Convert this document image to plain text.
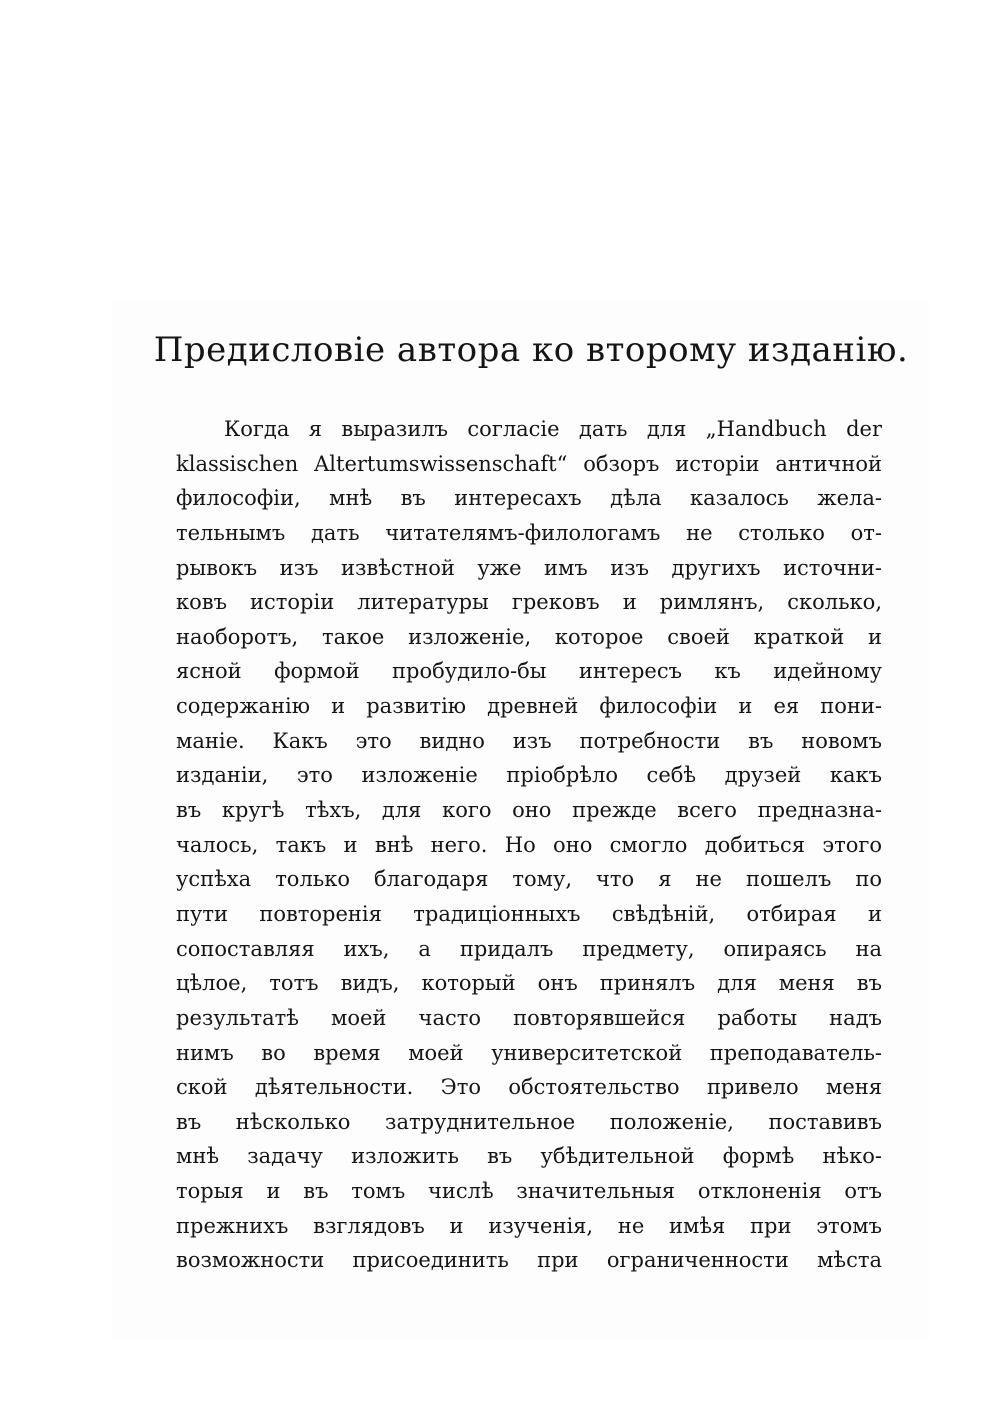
Предисловіе автора ко второму изданію.
Когда я выразилъ согласіе дать для „Handbuch der
klassischen Altertumswissenschaft“ обзоръ исторіи античной
философіи, мнѣ въ интересахъ дѣла казалось жела-
тельнымъ дать читателямъ-филологамъ не столько от-
рывокъ изъ извѣстной уже имъ изъ другихъ источни-
ковъ исторіи литературы грековъ и римлянъ, сколько,
наоборотъ, такое изложеніе, которое своей краткой и
ясной формой пробудило-бы интересъ къ идейному
содержанію и развитію древней философіи и ея пони-
маніе. Какъ это видно изъ потребности въ новомъ
изданіи, это изложеніе пріобрѣло себѣ друзей какъ
въ кругѣ тѣхъ, для кого оно прежде всего предназна-
чалось, такъ и внѣ него. Но оно смогло добиться этого
успѣха только благодаря тому, что я не пошелъ по
пути повторенія традиціонныхъ свѣдѣній, отбирая и
сопоставляя ихъ, а придалъ предмету, опираясь на
цѣлое, тотъ видъ, который онъ принялъ для меня въ
результатѣ моей часто повторявшейся работы надъ
нимъ во время моей университетской преподаватель-
ской дѣятельности. Это обстоятельство привело меня
въ нѣсколько затруднительное положеніе, поставивъ
мнѣ задачу изложить въ убѣдительной формѣ нѣко-
торыя и въ томъ числѣ значительныя отклоненія отъ
прежнихъ взглядовъ и изученія, не имѣя при этомъ
возможности присоединить при ограниченности мѣста
